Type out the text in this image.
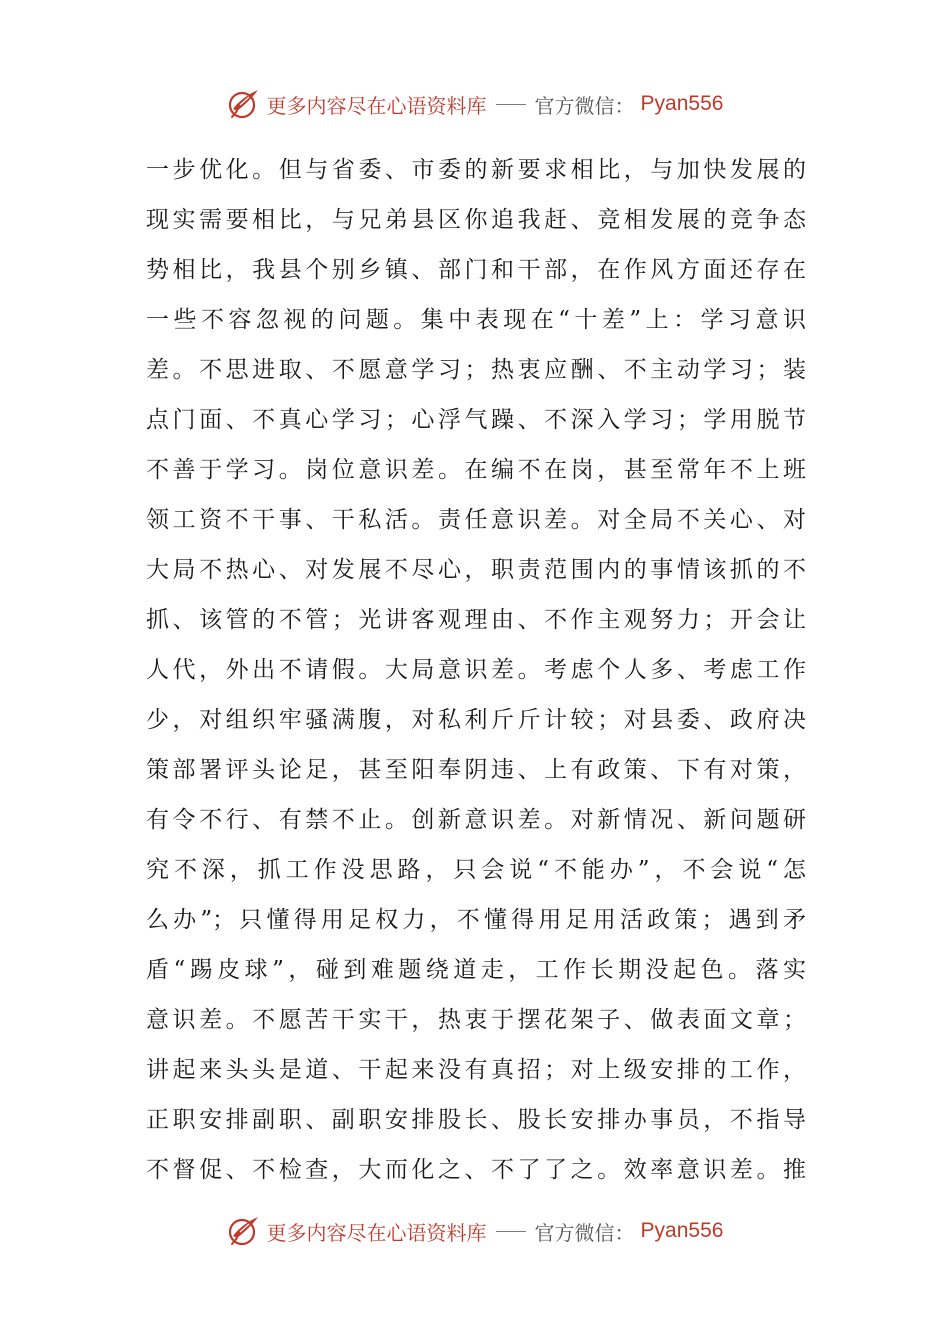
更多内容尽在心语资料库 官方微信： Pyan556
一步优化。但与省委、市委的新要求相比，与加快发展的
现实需要相比，与兄弟县区你追我赶、竞相发展的竞争态
势相比，我县个别乡镇、部门和干部，在作风方面还存在
一些不容忽视的问题。集中表现在“十差”上：学习意识
差。不思进取、不愿意学习；热衷应酬、不主动学习；装
点门面、不真心学习；心浮气躁、不深入学习；学用脱节
不善于学习。岗位意识差。在编不在岗，甚至常年不上班
领工资不干事、干私活。责任意识差。对全局不关心、对
大局不热心、对发展不尽心，职责范围内的事情该抓的不
抓、该管的不管；光讲客观理由、不作主观努力；开会让
人代，外出不请假。大局意识差。考虑个人多、考虑工作
少，对组织牢骚满腹，对私利斤斤计较；对县委、政府决
策部署评头论足，甚至阳奉阴违、上有政策、下有对策，
有令不行、有禁不止。创新意识差。对新情况、新问题研
究不深，抓工作没思路，只会说“不能办”，不会说“怎
么办”；只懂得用足权力，不懂得用足用活政策；遇到矛
盾“踢皮球”，碰到难题绕道走，工作长期没起色。落实
意识差。不愿苦干实干，热衷于摆花架子、做表面文章；
讲起来头头是道、干起来没有真招；对上级安排的工作，
正职安排副职、副职安排股长、股长安排办事员，不指导
不督促、不检查，大而化之、不了了之。效率意识差。推
更多内容尽在心语资料库 官方微信： Pyan556
